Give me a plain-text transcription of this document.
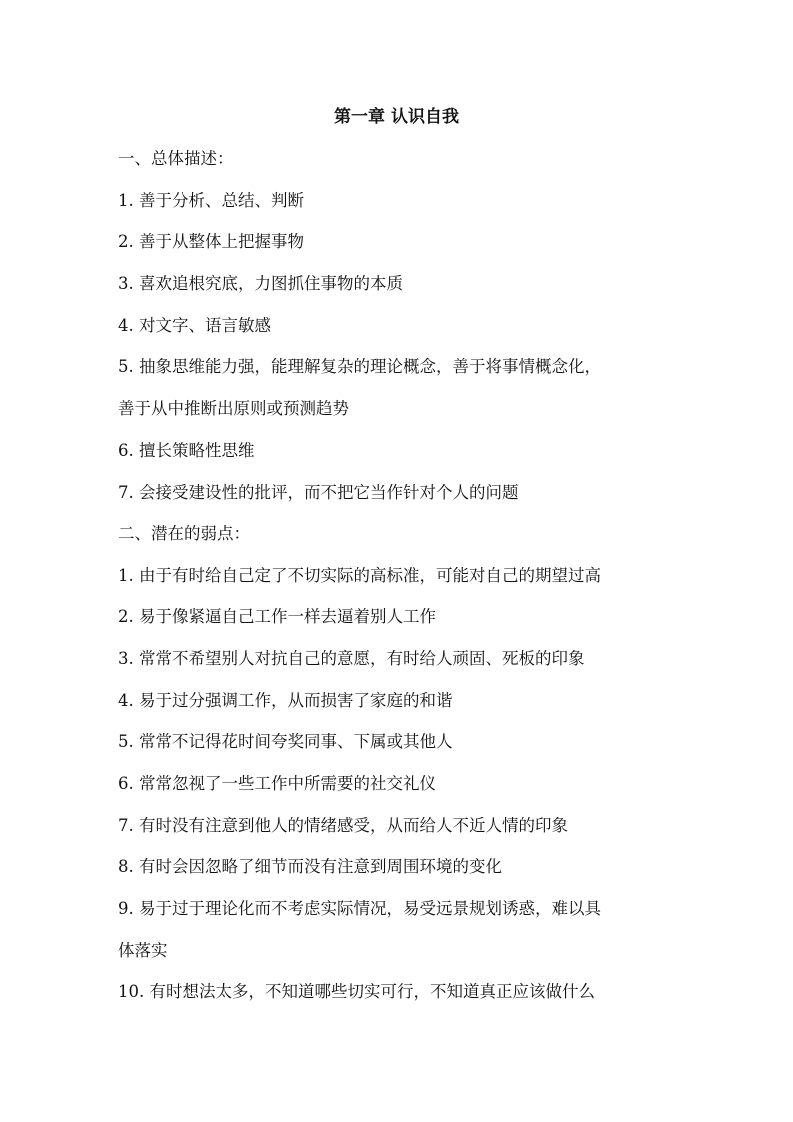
第一章 认识自我

一、总体描述：

1. 善于分析、总结、判断

2. 善于从整体上把握事物

3. 喜欢追根究底，力图抓住事物的本质

4. 对文字、语言敏感

5. 抽象思维能力强，能理解复杂的理论概念，善于将事情概念化，

善于从中推断出原则或预测趋势

6. 擅长策略性思维

7. 会接受建设性的批评，而不把它当作针对个人的问题

二、潜在的弱点：

1. 由于有时给自己定了不切实际的高标准，可能对自己的期望过高

2. 易于像紧逼自己工作一样去逼着别人工作

3. 常常不希望别人对抗自己的意愿，有时给人顽固、死板的印象

4. 易于过分强调工作，从而损害了家庭的和谐

5. 常常不记得花时间夸奖同事、下属或其他人

6. 常常忽视了一些工作中所需要的社交礼仪

7. 有时没有注意到他人的情绪感受，从而给人不近人情的印象

8. 有时会因忽略了细节而没有注意到周围环境的变化

9. 易于过于理论化而不考虑实际情况，易受远景规划诱惑，难以具

体落实

10. 有时想法太多，不知道哪些切实可行，不知道真正应该做什么
